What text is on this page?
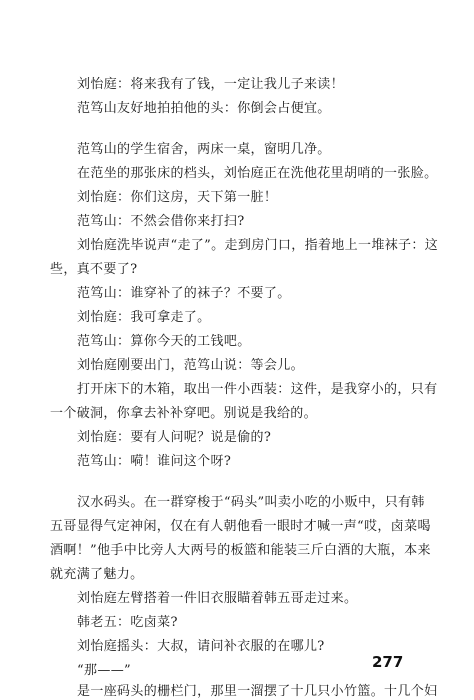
刘怡庭：将来我有了钱，一定让我儿子来读！
范笃山友好地拍拍他的头：你倒会占便宜。
范笃山的学生宿舍，两床一桌，窗明几净。
在范坐的那张床的档头，刘怡庭正在洗他花里胡哨的一张脸。
刘怡庭：你们这房，天下第一脏！
范笃山：不然会借你来打扫?
刘怡庭洗毕说声“走了”。走到房门口，指着地上一堆袜子：这
些，真不要了?
范笃山：谁穿补了的袜子？不要了。
刘怡庭：我可拿走了。
范笃山：算你今天的工钱吧。
刘怡庭刚要出门，范笃山说：等会儿。
打开床下的木箱，取出一件小西装：这件，是我穿小的，只有
一个破洞，你拿去补补穿吧。别说是我给的。
刘怡庭：要有人问呢？说是偷的?
范笃山：嗬！谁问这个呀?
汉水码头。在一群穿梭于“码头”叫卖小吃的小贩中，只有韩
五哥显得气定神闲，仅在有人朝他看一眼时才喊一声“哎，卤菜喝
酒啊！”他手中比旁人大两号的板篮和能装三斤白酒的大瓶，本来
就充满了魅力。
刘怡庭左臂搭着一件旧衣服瞄着韩五哥走过来。
韩老五：吃卤菜?
刘怡庭摇头：大叔，请问补衣服的在哪儿?
“那——”
是一座码头的栅栏门，那里一溜摆了十几只小竹篮。十几个妇
277
